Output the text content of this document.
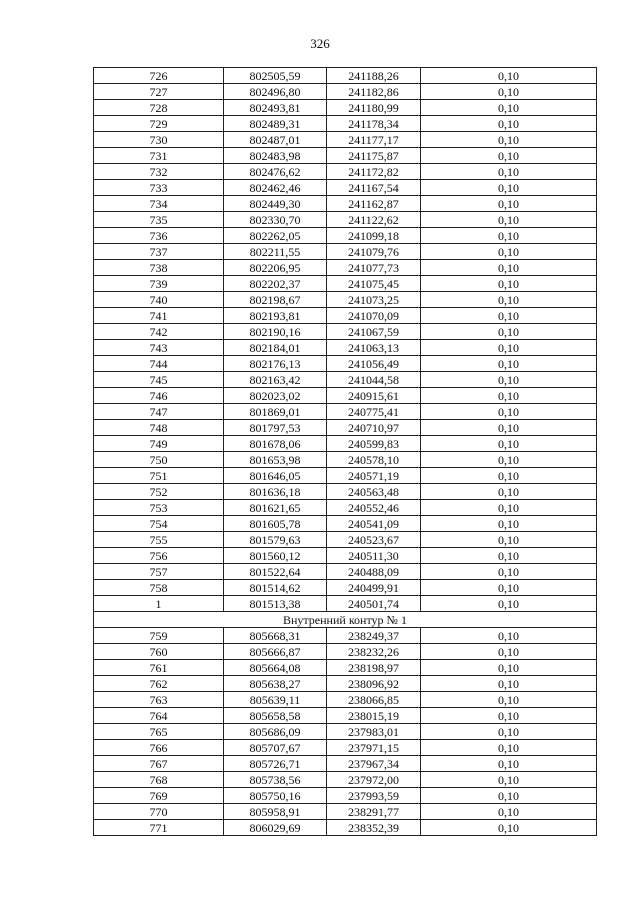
326
726	802505,59	241188,26	0,10
727	802496,80	241182,86	0,10
728	802493,81	241180,99	0,10
729	802489,31	241178,34	0,10
730	802487,01	241177,17	0,10
731	802483,98	241175,87	0,10
732	802476,62	241172,82	0,10
733	802462,46	241167,54	0,10
734	802449,30	241162,87	0,10
735	802330,70	241122,62	0,10
736	802262,05	241099,18	0,10
737	802211,55	241079,76	0,10
738	802206,95	241077,73	0,10
739	802202,37	241075,45	0,10
740	802198,67	241073,25	0,10
741	802193,81	241070,09	0,10
742	802190,16	241067,59	0,10
743	802184,01	241063,13	0,10
744	802176,13	241056,49	0,10
745	802163,42	241044,58	0,10
746	802023,02	240915,61	0,10
747	801869,01	240775,41	0,10
748	801797,53	240710,97	0,10
749	801678,06	240599,83	0,10
750	801653,98	240578,10	0,10
751	801646,05	240571,19	0,10
752	801636,18	240563,48	0,10
753	801621,65	240552,46	0,10
754	801605,78	240541,09	0,10
755	801579,63	240523,67	0,10
756	801560,12	240511,30	0,10
757	801522,64	240488,09	0,10
758	801514,62	240499,91	0,10
1	801513,38	240501,74	0,10
Внутренний контур № 1			
759	805668,31	238249,37	0,10
760	805666,87	238232,26	0,10
761	805664,08	238198,97	0,10
762	805638,27	238096,92	0,10
763	805639,11	238066,85	0,10
764	805658,58	238015,19	0,10
765	805686,09	237983,01	0,10
766	805707,67	237971,15	0,10
767	805726,71	237967,34	0,10
768	805738,56	237972,00	0,10
769	805750,16	237993,59	0,10
770	805958,91	238291,77	0,10
771	806029,69	238352,39	0,10
